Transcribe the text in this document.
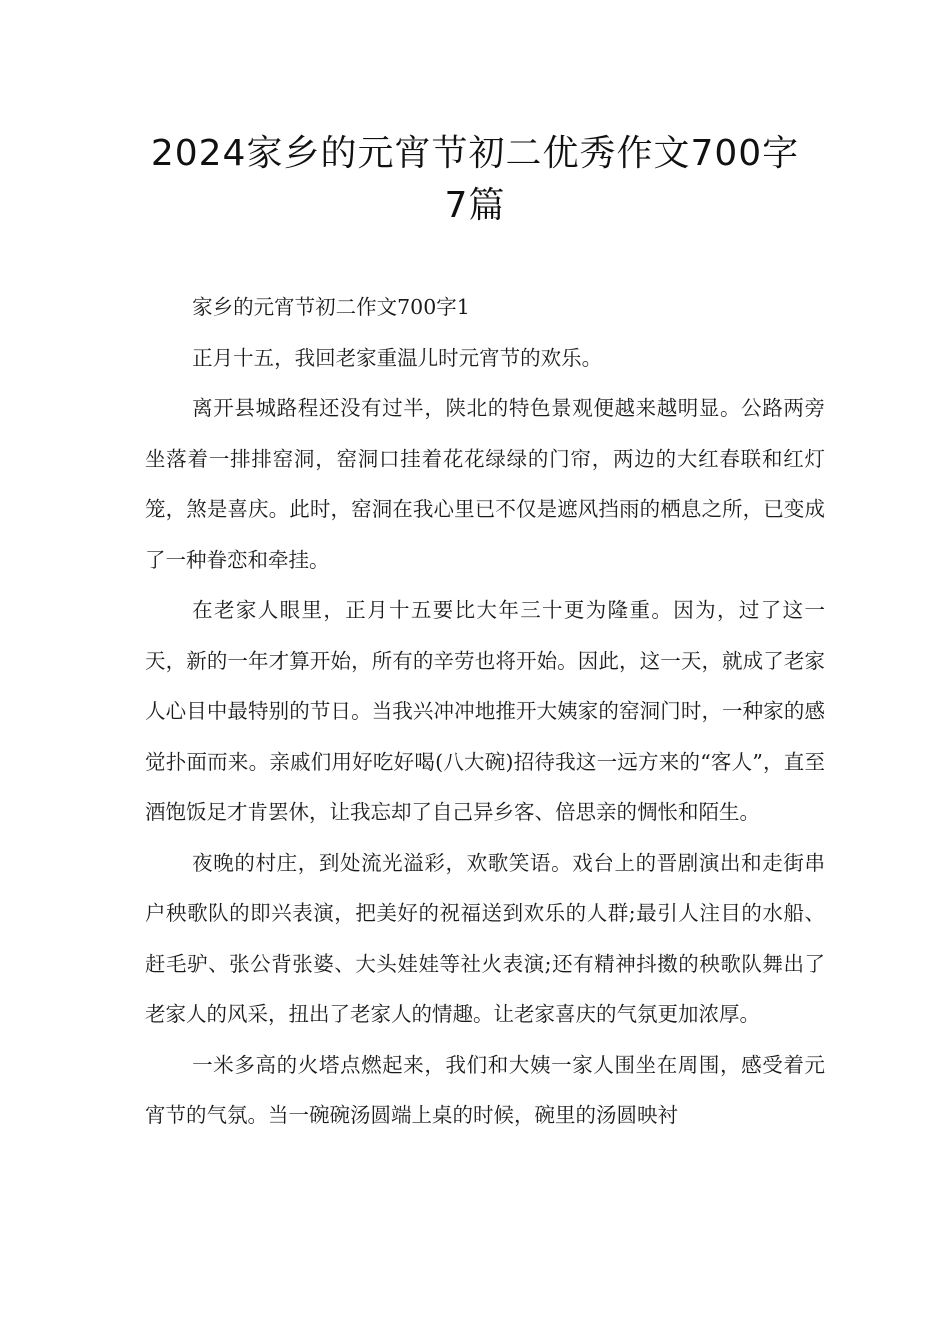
2024家乡的元宵节初二优秀作文700字
7篇

家乡的元宵节初二作文700字1

正月十五，我回老家重温儿时元宵节的欢乐。

离开县城路程还没有过半，陕北的特色景观便越来越明显。公路两旁坐落着一排排窑洞，窑洞口挂着花花绿绿的门帘，两边的大红春联和红灯笼，煞是喜庆。此时，窑洞在我心里已不仅是遮风挡雨的栖息之所，已变成了一种眷恋和牵挂。

在老家人眼里，正月十五要比大年三十更为隆重。因为，过了这一天，新的一年才算开始，所有的辛劳也将开始。因此，这一天，就成了老家人心目中最特别的节日。当我兴冲冲地推开大姨家的窑洞门时，一种家的感觉扑面而来。亲戚们用好吃好喝(八大碗)招待我这一远方来的“客人”，直至酒饱饭足才肯罢休，让我忘却了自己异乡客、倍思亲的惆怅和陌生。

夜晚的村庄，到处流光溢彩，欢歌笑语。戏台上的晋剧演出和走街串户秧歌队的即兴表演，把美好的祝福送到欢乐的人群;最引人注目的水船、赶毛驴、张公背张婆、大头娃娃等社火表演;还有精神抖擞的秧歌队舞出了老家人的风采，扭出了老家人的情趣。让老家喜庆的气氛更加浓厚。

一米多高的火塔点燃起来，我们和大姨一家人围坐在周围，感受着元宵节的气氛。当一碗碗汤圆端上桌的时候，碗里的汤圆映衬
